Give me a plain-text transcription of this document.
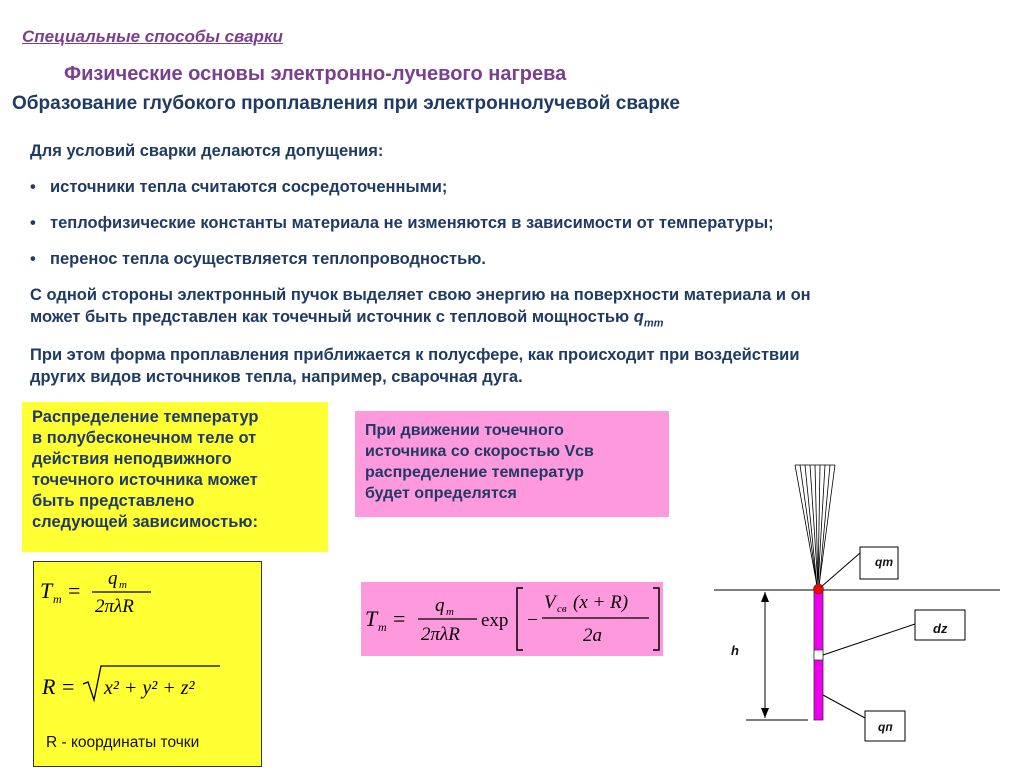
Специальные способы сварки
Физические основы электронно-лучевого нагрева
Образование глубокого проплавления при электроннолучевой сварке
Для условий сварки делаются допущения:
• источники тепла считаются сосредоточенными;
• теплофизические константы материала не изменяются в зависимости от температуры;
• перенос тепла осуществляется теплопроводностью.
С одной стороны электронный пучок выделяет свою энергию на поверхности материала и он
может быть представлен как точечный источник с тепловой мощностью $q_{тт}$
При этом форма проплавления приближается к полусфере, как происходит при воздействии
других видов источников тепла, например, сварочная дуга.
Распределение температур
в полубесконечном теле от
действия неподвижного
точечного источника может
быть представлено
следующей зависимостью:
При движении точечного
источника со скоростью Vсв
распределение температур
будет определятся
T m = q m
2πλR
R = x² + y² + z²
R - координаты точки
T m =
q m
2πλR
exp −
V св (x + R)
2a
qm
dz
h
qп
